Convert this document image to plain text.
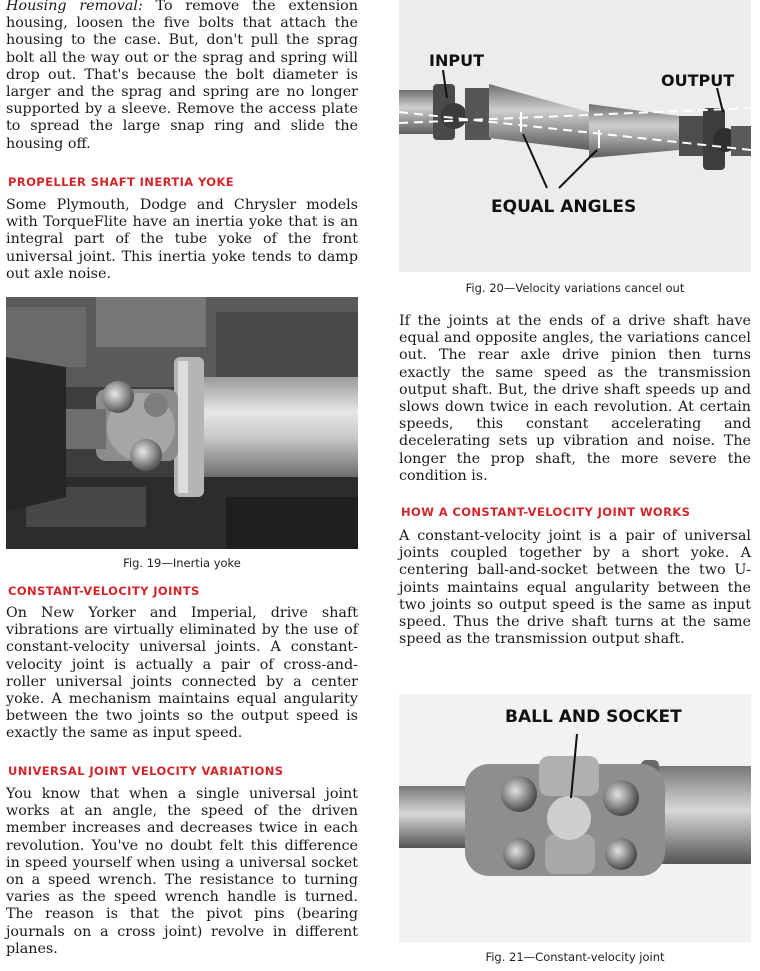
Housing removal: To remove the extension housing, loosen the five bolts that attach the housing to the case. But, don't pull the sprag bolt all the way out or the sprag and spring will drop out. That's because the bolt diameter is larger and the sprag and spring are no longer supported by a sleeve. Remove the access plate to spread the large snap ring and slide the housing off.

PROPELLER SHAFT INERTIA YOKE

Some Plymouth, Dodge and Chrysler models with TorqueFlite have an inertia yoke that is an integral part of the tube yoke of the front universal joint. This inertia yoke tends to damp out axle noise.

Fig. 19—Inertia yoke

CONSTANT-VELOCITY JOINTS

On New Yorker and Imperial, drive shaft vibrations are virtually eliminated by the use of constant-velocity universal joints. A constant-velocity joint is actually a pair of cross-and-roller universal joints connected by a center yoke. A mechanism maintains equal angularity between the two joints so the output speed is exactly the same as input speed.

UNIVERSAL JOINT VELOCITY VARIATIONS

You know that when a single universal joint works at an angle, the speed of the driven member increases and decreases twice in each revolution. You've no doubt felt this difference in speed yourself when using a universal socket on a speed wrench. The resistance to turning varies as the speed wrench handle is turned. The reason is that the pivot pins (bearing journals on a cross joint) revolve in different planes.

INPUT
OUTPUT
EQUAL ANGLES

Fig. 20—Velocity variations cancel out

If the joints at the ends of a drive shaft have equal and opposite angles, the variations cancel out. The rear axle drive pinion then turns exactly the same speed as the transmission output shaft. But, the drive shaft speeds up and slows down twice in each revolution. At certain speeds, this constant accelerating and decelerating sets up vibration and noise. The longer the prop shaft, the more severe the condition is.

HOW A CONSTANT-VELOCITY JOINT WORKS

A constant-velocity joint is a pair of universal joints coupled together by a short yoke. A centering ball-and-socket between the two U-joints maintains equal angularity between the two joints so output speed is the same as input speed. Thus the drive shaft turns at the same speed as the transmission output shaft.

BALL AND SOCKET

Fig. 21—Constant-velocity joint
